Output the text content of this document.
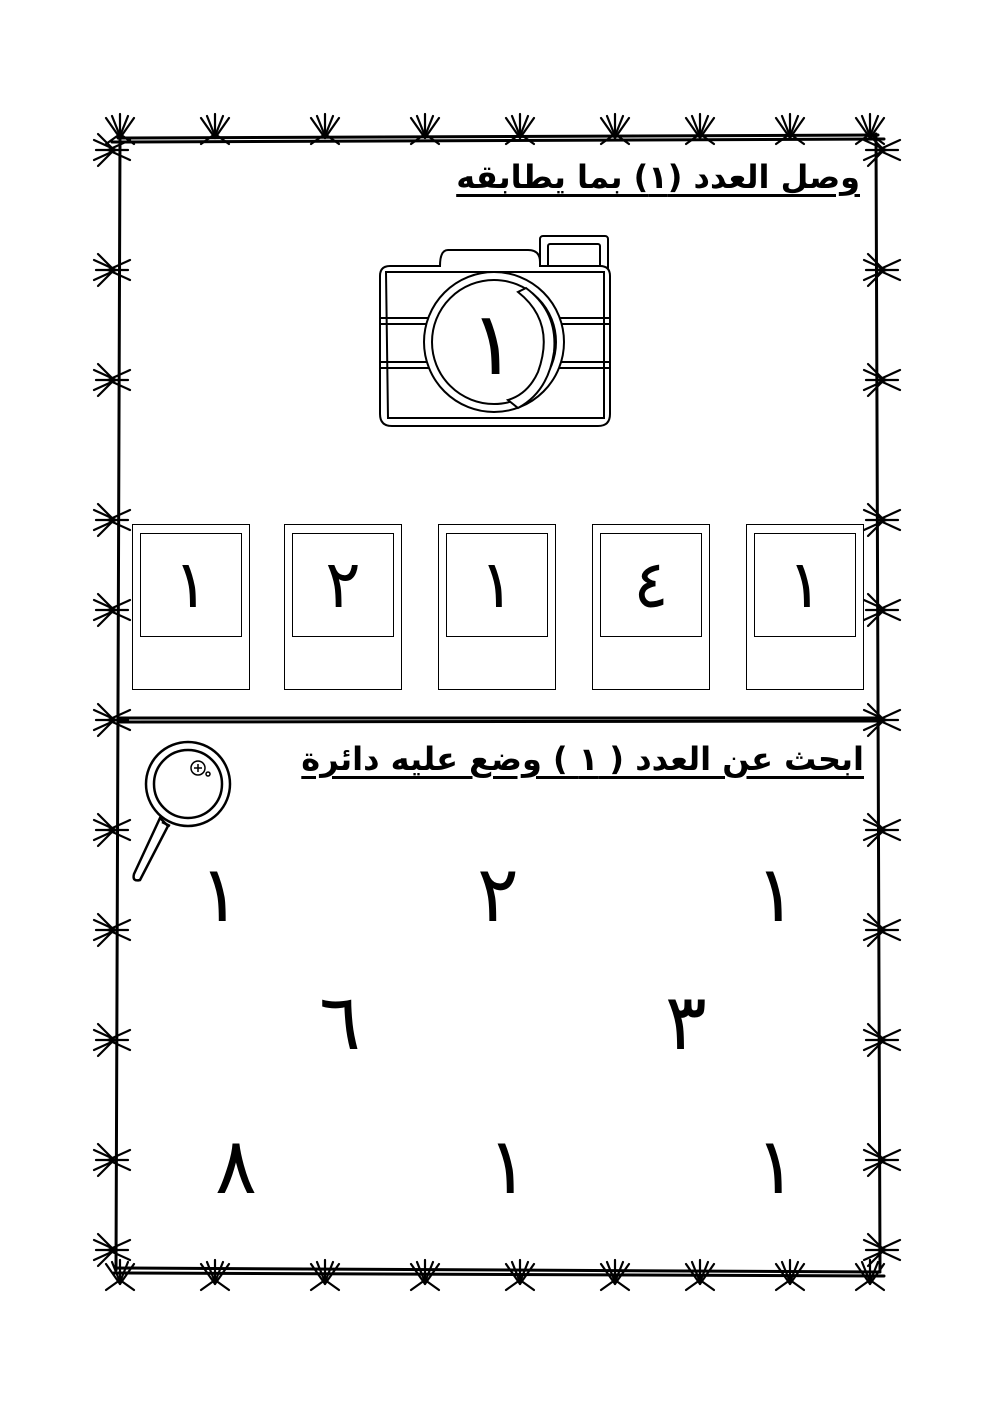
وصل العدد (١) بما يطابقه
١
١
٤
١
٢
١
ابحث عن العدد ( ١ ) وضع عليه دائرة
١
٢
١
٣
٦
١
١
٨
